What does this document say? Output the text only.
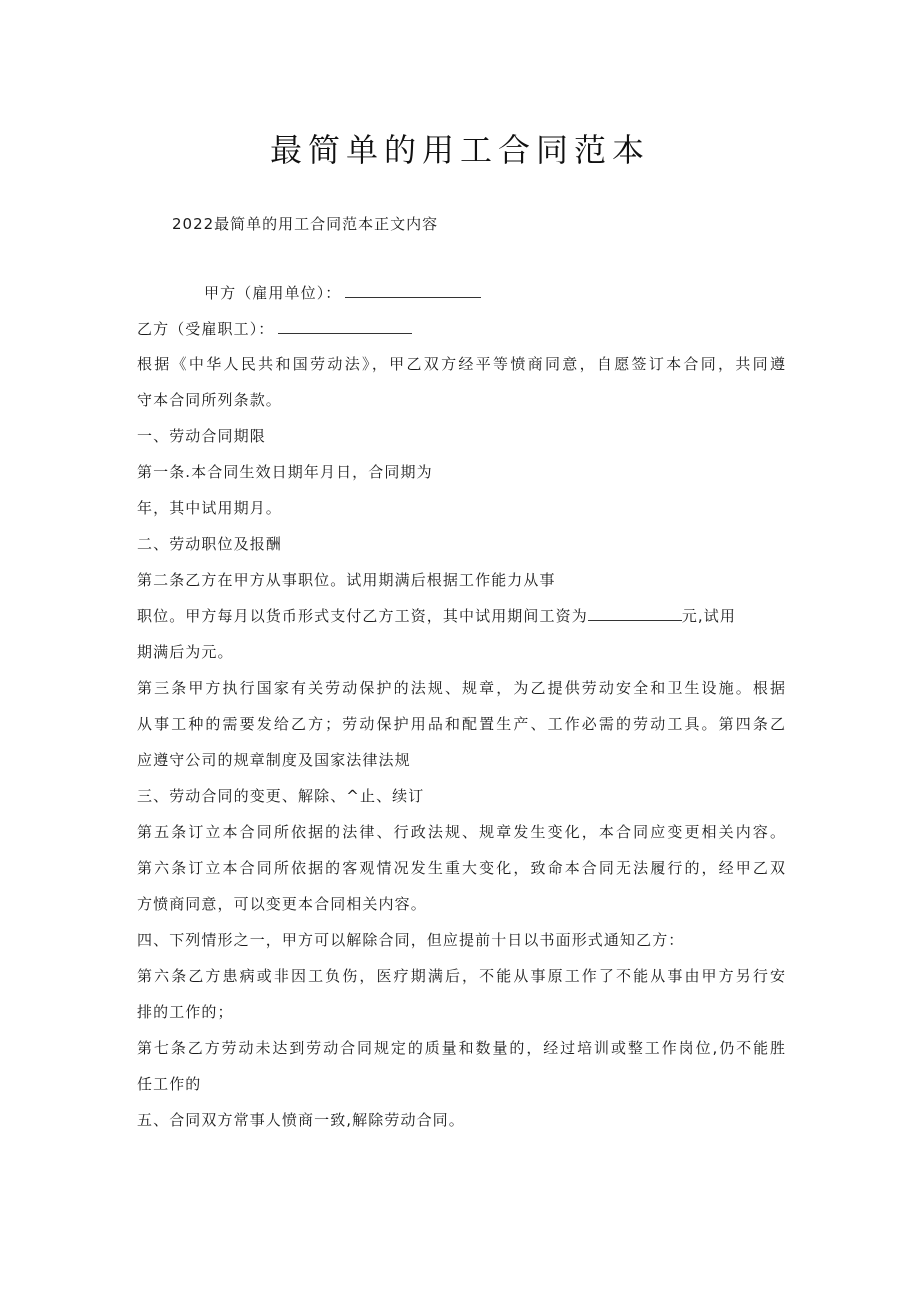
最简单的用工合同范本
2022最简单的用工合同范本正文内容
甲方（雇用单位）：
乙方（受雇职工）：
根据《中华人民共和国劳动法》，甲乙双方经平等愤商同意，自愿签订本合同，共同遵
守本合同所列条款。
一、劳动合同期限
第一条.本合同生效日期年月日，合同期为
年，其中试用期月。
二、劳动职位及报酬
第二条乙方在甲方从事职位。试用期满后根据工作能力从事
职位。甲方每月以货币形式支付乙方工资，其中试用期间工资为	元,试用
期满后为元。
第三条甲方执行国家有关劳动保护的法规、规章，为乙提供劳动安全和卫生设施。根据
从事工种的需要发给乙方；劳动保护用品和配置生产、工作必需的劳动工具。第四条乙
应遵守公司的规章制度及国家法律法规
三、劳动合同的变更、解除、^止、续订
第五条订立本合同所依据的法律、行政法规、规章发生变化，本合同应变更相关内容。
第六条订立本合同所依据的客观情况发生重大变化，致命本合同无法履行的，经甲乙双
方愤商同意，可以变更本合同相关内容。
四、下列情形之一，甲方可以解除合同，但应提前十日以书面形式通知乙方：
第六条乙方患病或非因工负伤，医疗期满后，不能从事原工作了不能从事由甲方另行安
排的工作的；
第七条乙方劳动未达到劳动合同规定的质量和数量的，经过培训或整工作岗位,仍不能胜
任工作的
五、合同双方常事人愤商一致,解除劳动合同。
